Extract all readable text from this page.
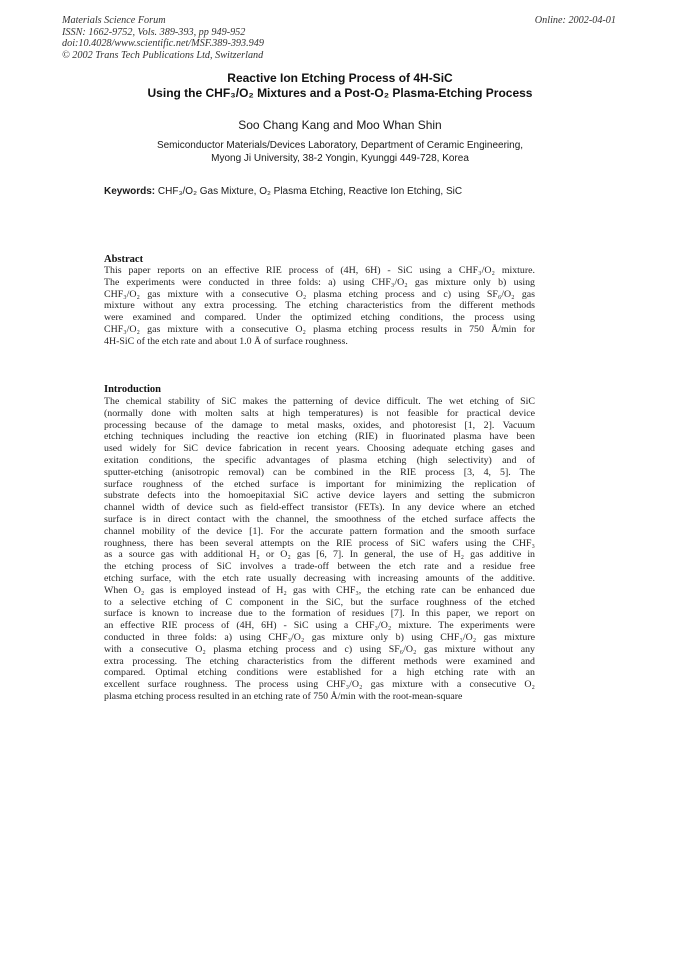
Materials Science Forum
ISSN: 1662-9752, Vols. 389-393, pp 949-952
doi:10.4028/www.scientific.net/MSF.389-393.949
© 2002 Trans Tech Publications Ltd, Switzerland
Online: 2002-04-01
Reactive Ion Etching Process of 4H-SiC
Using the CHF₃/O₂ Mixtures and a Post-O₂ Plasma-Etching Process
Soo Chang Kang and Moo Whan Shin
Semiconductor Materials/Devices Laboratory, Department of Ceramic Engineering,
Myong Ji University, 38-2 Yongin, Kyunggi 449-728, Korea
Keywords: CHF₃/O₂ Gas Mixture, O₂ Plasma Etching, Reactive Ion Etching, SiC
Abstract
This paper reports on an effective RIE process of (4H, 6H) - SiC using a CHF₃/O₂ mixture.
The experiments were conducted in three folds: a) using CHF₃/O₂ gas mixture only b) using
CHF₃/O₂ gas mixture with a consecutive O₂ plasma etching process and c) using SF₆/O₂ gas
mixture without any extra processing. The etching characteristics from the different methods
were examined and compared. Under the optimized etching conditions, the process using
CHF₃/O₂ gas mixture with a consecutive O₂ plasma etching process results in 750 Å/min for
4H-SiC of the etch rate and about 1.0 Å of surface roughness.
Introduction
The chemical stability of SiC makes the patterning of device difficult. The wet etching of SiC
(normally done with molten salts at high temperatures) is not feasible for practical device
processing because of the damage to metal masks, oxides, and photoresist [1, 2]. Vacuum
etching techniques including the reactive ion etching (RIE) in fluorinated plasma have been
used widely for SiC device fabrication in recent years. Choosing adequate etching gases and
exitation conditions, the specific advantages of plasma etching (high selectivity) and of
sputter-etching (anisotropic removal) can be combined in the RIE process [3, 4, 5]. The
surface roughness of the etched surface is important for minimizing the replication of
substrate defects into the homoepitaxial SiC active device layers and setting the submicron
channel width of device such as field-effect transistor (FETs). In any device where an etched
surface is in direct contact with the channel, the smoothness of the etched surface affects the
channel mobility of the device [1]. For the accurate pattern formation and the smooth surface
roughness, there has been several attempts on the RIE process of SiC wafers using the CHF₃
as a source gas with additional H₂ or O₂ gas [6, 7]. In general, the use of H₂ gas additive in
the etching process of SiC involves a trade-off between the etch rate and a residue free
etching surface, with the etch rate usually decreasing with increasing amounts of the additive.
When O₂ gas is employed instead of H₂ gas with CHF₃, the etching rate can be enhanced due
to a selective etching of C component in the SiC, but the surface roughness of the etched
surface is known to increase due to the formation of residues [7]. In this paper, we report on
an effective RIE process of (4H, 6H) - SiC using a CHF₃/O₂ mixture. The experiments were
conducted in three folds: a) using CHF₃/O₂ gas mixture only b) using CHF₃/O₂ gas mixture
with a consecutive O₂ plasma etching process and c) using SF₆/O₂ gas mixture without any
extra processing. The etching characteristics from the different methods were examined and
compared. Optimal etching conditions were established for a high etching rate with an
excellent surface roughness. The process using CHF₃/O₂ gas mixture with a consecutive O₂
plasma etching process resulted in an etching rate of 750 Å/min with the root-mean-square
